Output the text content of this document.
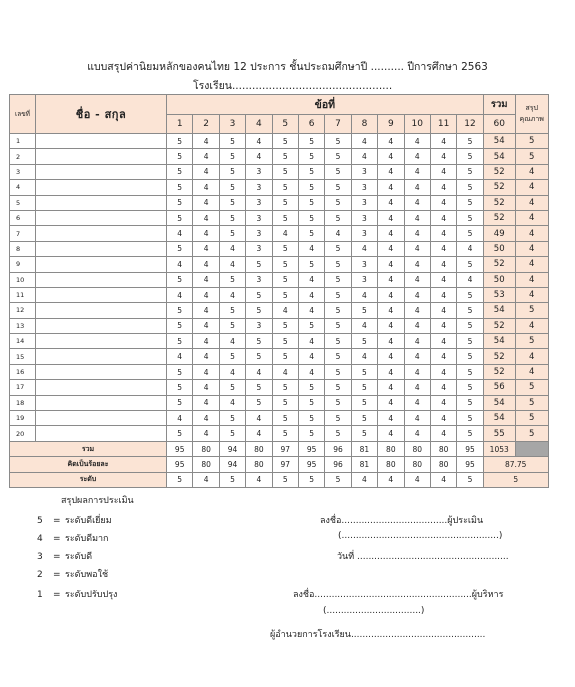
แบบสรุปค่านิยมหลักของคนไทย 12 ประการ ชั้นประถมศึกษาปี .......... ปีการศึกษา 2563
โรงเรียน................................................
เลขที่	ชื่อ - สกุล	ข้อที่												รวม	สรุป
คุณภาพ
		1	2	3	4	5	6	7	8	9	10	11	12	60	
1		5	4	5	4	5	5	5	4	4	4	4	5	54	5
2		5	4	5	4	5	5	5	4	4	4	4	5	54	5
3		5	4	5	3	5	5	5	3	4	4	4	5	52	4
4		5	4	5	3	5	5	5	3	4	4	4	5	52	4
5		5	4	5	3	5	5	5	3	4	4	4	5	52	4
6		5	4	5	3	5	5	5	3	4	4	4	5	52	4
7		4	4	5	3	4	5	4	3	4	4	4	5	49	4
8		5	4	4	3	5	4	5	4	4	4	4	4	50	4
9		4	4	4	5	5	5	5	3	4	4	4	5	52	4
10		5	4	5	3	5	4	5	3	4	4	4	4	50	4
11		4	4	4	5	5	4	5	4	4	4	4	5	53	4
12		5	4	5	5	4	4	5	5	4	4	4	5	54	5
13		5	4	5	3	5	5	5	4	4	4	4	5	52	4
14		5	4	4	5	5	4	5	5	4	4	4	5	54	5
15		4	4	5	5	5	4	5	4	4	4	4	5	52	4
16		5	4	4	4	4	4	5	5	4	4	4	5	52	4
17		5	4	5	5	5	5	5	5	4	4	4	5	56	5
18		5	4	4	5	5	5	5	5	4	4	4	5	54	5
19		4	4	5	4	5	5	5	5	4	4	4	5	54	5
20		5	4	5	4	5	5	5	5	4	4	4	5	55	5
รวม		95	80	94	80	97	95	96	81	80	80	80	95	1053	
คิดเป็นร้อยละ		95	80	94	80	97	95	96	81	80	80	80	95	87.75	
ระดับ		5	4	5	4	5	5	5	4	4	4	4	5	5	
สรุปผลการประเมิน
5 = ระดับดีเยี่ยม
4 = ระดับดีมาก
3 = ระดับดี
2 = ระดับพอใช้
1 = ระดับปรับปรุง
ลงชื่อ.....................................ผู้ประเมิน
(.......................................................)
วันที่ .....................................................
ลงชื่อ.......................................................ผู้บริหาร
(.................................)
ผู้อำนวยการโรงเรียน...............................................
